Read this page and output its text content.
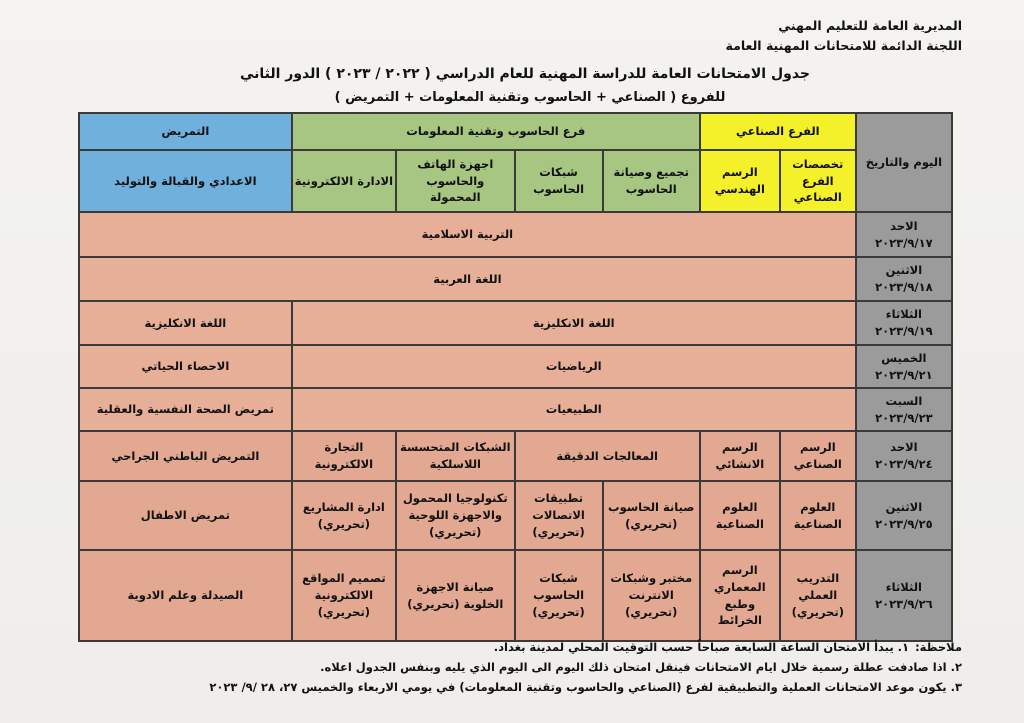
المديرية العامة للتعليم المهني
اللجنة الدائمة للامتحانات المهنية العامة
جدول الامتحانات العامة للدراسة المهنية للعام الدراسي ( ٢٠٢٢ / ٢٠٢٣ ) الدور الثاني
للفروع ( الصناعي + الحاسوب وتقنية المعلومات + التمريض )
اليوم والتاريخ	الفرع الصناعي		فرع الحاسوب وتقنية المعلومات				التمريض
	تخصصات الفرع الصناعي	الرسم الهندسي	تجميع وصيانة الحاسوب	شبكات الحاسوب	اجهزة الهاتف والحاسوب المحمولة	الادارة الالكترونية	الاعدادي والقبالة والتوليد

الاحد
٢٠٢٣/٩/١٧	التربية الاسلامية						

الاثنين
٢٠٢٣/٩/١٨	اللغة العربية						

الثلاثاء
٢٠٢٣/٩/١٩	اللغة الانكليزية						اللغة الانكليزية

الخميس
٢٠٢٣/٩/٢١	الرياضيات						الاحصاء الحياتي

السبت
٢٠٢٣/٩/٢٣	الطبيعيات						تمريض الصحة النفسية والعقلية

الاحد
٢٠٢٣/٩/٢٤	الرسم الصناعي	الرسم الانشائي	المعالجات الدقيقة		الشبكات المتحسسة اللاسلكية	التجارة الالكترونية	التمريض الباطني الجراحي

الاثنين
٢٠٢٣/٩/٢٥	العلوم الصناعية	العلوم الصناعية	صيانة الحاسوب (تحريري)	تطبيقات الاتصالات (تحريري)	تكنولوجيا المحمول والاجهزة اللوحية (تحريري)	ادارة المشاريع (تحريري)	تمريض الاطفال

الثلاثاء
٢٠٢٣/٩/٢٦	التدريب العملي (تحريري)	الرسم المعماري وطبع الخرائط	مختبر وشبكات الانترنت (تحريري)	شبكات الحاسوب (تحريري)	صيانة الاجهزة الخلوية (تحريري)	تصميم المواقع الالكترونية (تحريري)	الصيدلة وعلم الادوية
ملاحظة:١. يبدأ الامتحان الساعة السابعة صباحاً حسب التوقيت المحلي لمدينة بغداد.
٢. اذا صادفت عطلة رسمية خلال ايام الامتحانات فينقل امتحان ذلك اليوم الى اليوم الذي يليه وبنفس الجدول اعلاه.
٣. يكون موعد الامتحانات العملية والتطبيقية لفرع (الصناعي والحاسوب وتقنية المعلومات) في يومي الاربعاء والخميس ٢٧، ٢٨ /٩/ ٢٠٢٣
